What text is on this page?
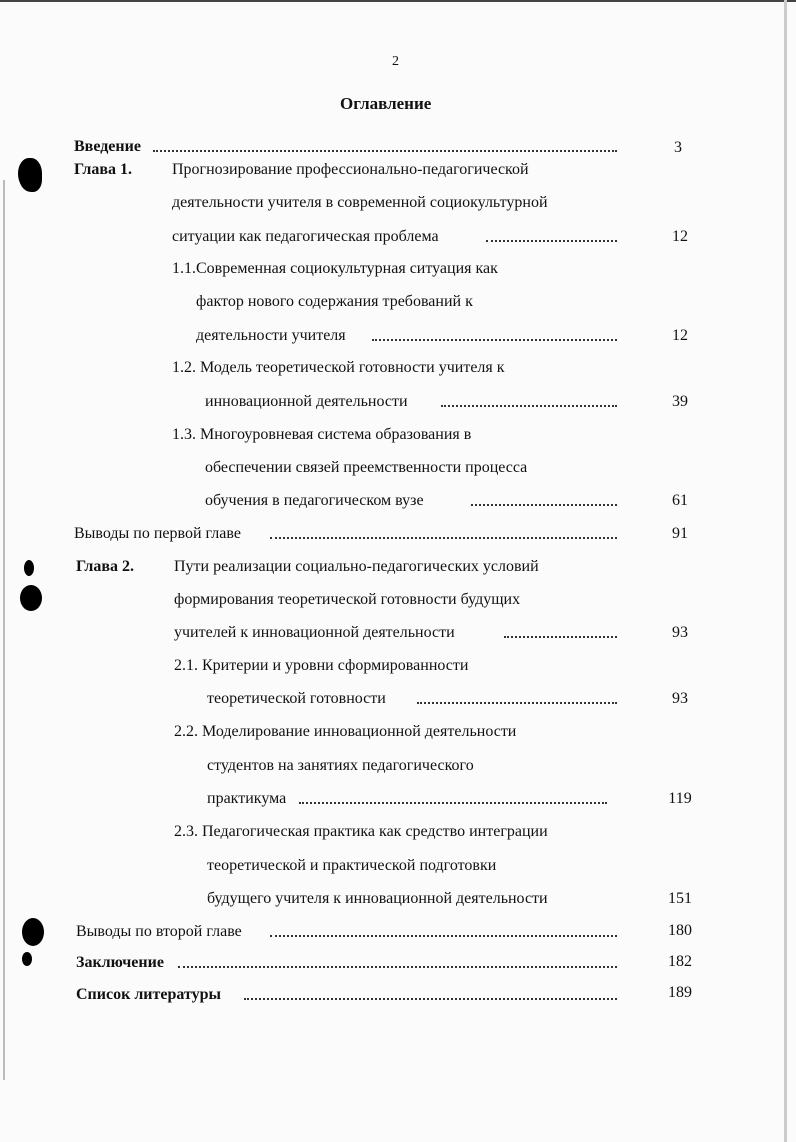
2
Оглавление
Введение	3
Глава 1.	Прогнозирование профессионально-педагогической
деятельности учителя в современной социокультурной
ситуации как педагогическая проблема	12
1.1.Современная социокультурная ситуация как
фактор нового содержания требований к
деятельности учителя	12
1.2. Модель теоретической готовности учителя к
инновационной деятельности	39
1.3. Многоуровневая система образования в
обеспечении связей преемственности процесса
обучения в педагогическом вузе	61
Выводы по первой главе	91
Глава 2.	Пути реализации социально-педагогических условий
формирования теоретической готовности будущих
учителей к инновационной деятельности	93
2.1. Критерии и уровни сформированности
теоретической готовности	93
2.2. Моделирование инновационной деятельности
студентов на занятиях педагогического
практикума	119
2.3. Педагогическая практика как средство интеграции
теоретической и практической подготовки
будущего учителя к инновационной деятельности	151
Выводы по второй главе	180
Заключение	182
Список литературы	189
